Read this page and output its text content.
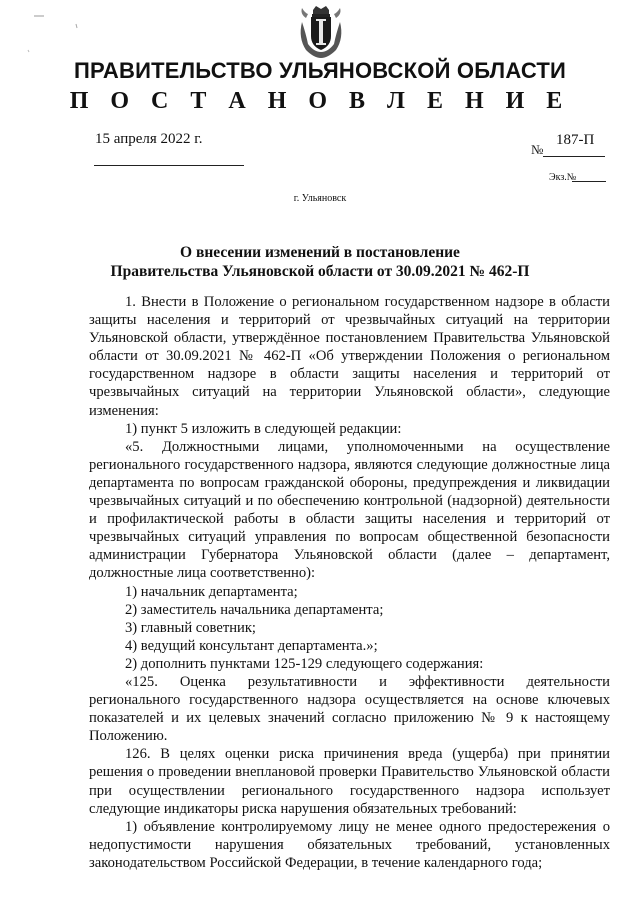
ПРАВИТЕЛЬСТВО УЛЬЯНОВСКОЙ ОБЛАСТИ
П О С Т А Н О В Л Е Н И Е
15 апреля 2022 г.
№
187-П
Экз.№
г. Ульяновск
О внесении изменений в постановление
Правительства Ульяновской области от 30.09.2021 № 462-П

1. Внести в Положение о региональном государственном надзоре в области защиты населения и территорий от чрезвычайных ситуаций на территории Ульяновской области, утверждённое постановлением Правительства Ульяновской области от 30.09.2021 № 462-П «Об утверждении Положения о региональном государственном надзоре в области защиты населения и территорий от чрезвычайных ситуаций на территории Ульяновской области», следующие изменения:

1) пункт 5 изложить в следующей редакции:

«5. Должностными лицами, уполномоченными на осуществление регионального государственного надзора, являются следующие должностные лица департамента по вопросам гражданской обороны, предупреждения и ликвидации чрезвычайных ситуаций и по обеспечению контрольной (надзорной) деятельности и профилактической работы в области защиты населения и территорий от чрезвычайных ситуаций управления по вопросам общественной безопасности администрации Губернатора Ульяновской области (далее – департамент, должностные лица соответственно):

1) начальник департамента;

2) заместитель начальника департамента;

3) главный советник;

4) ведущий консультант департамента.»;

2) дополнить пунктами 125-129 следующего содержания:

«125. Оценка результативности и эффективности деятельности регионального государственного надзора осуществляется на основе ключевых показателей и их целевых значений согласно приложению № 9 к настоящему Положению.

126. В целях оценки риска причинения вреда (ущерба) при принятии решения о проведении внеплановой проверки Правительство Ульяновской области при осуществлении регионального государственного надзора использует следующие индикаторы риска нарушения обязательных требований:

1) объявление контролируемому лицу не менее одного предостережения о недопустимости нарушения обязательных требований, установленных законодательством Российской Федерации, в течение календарного года;
